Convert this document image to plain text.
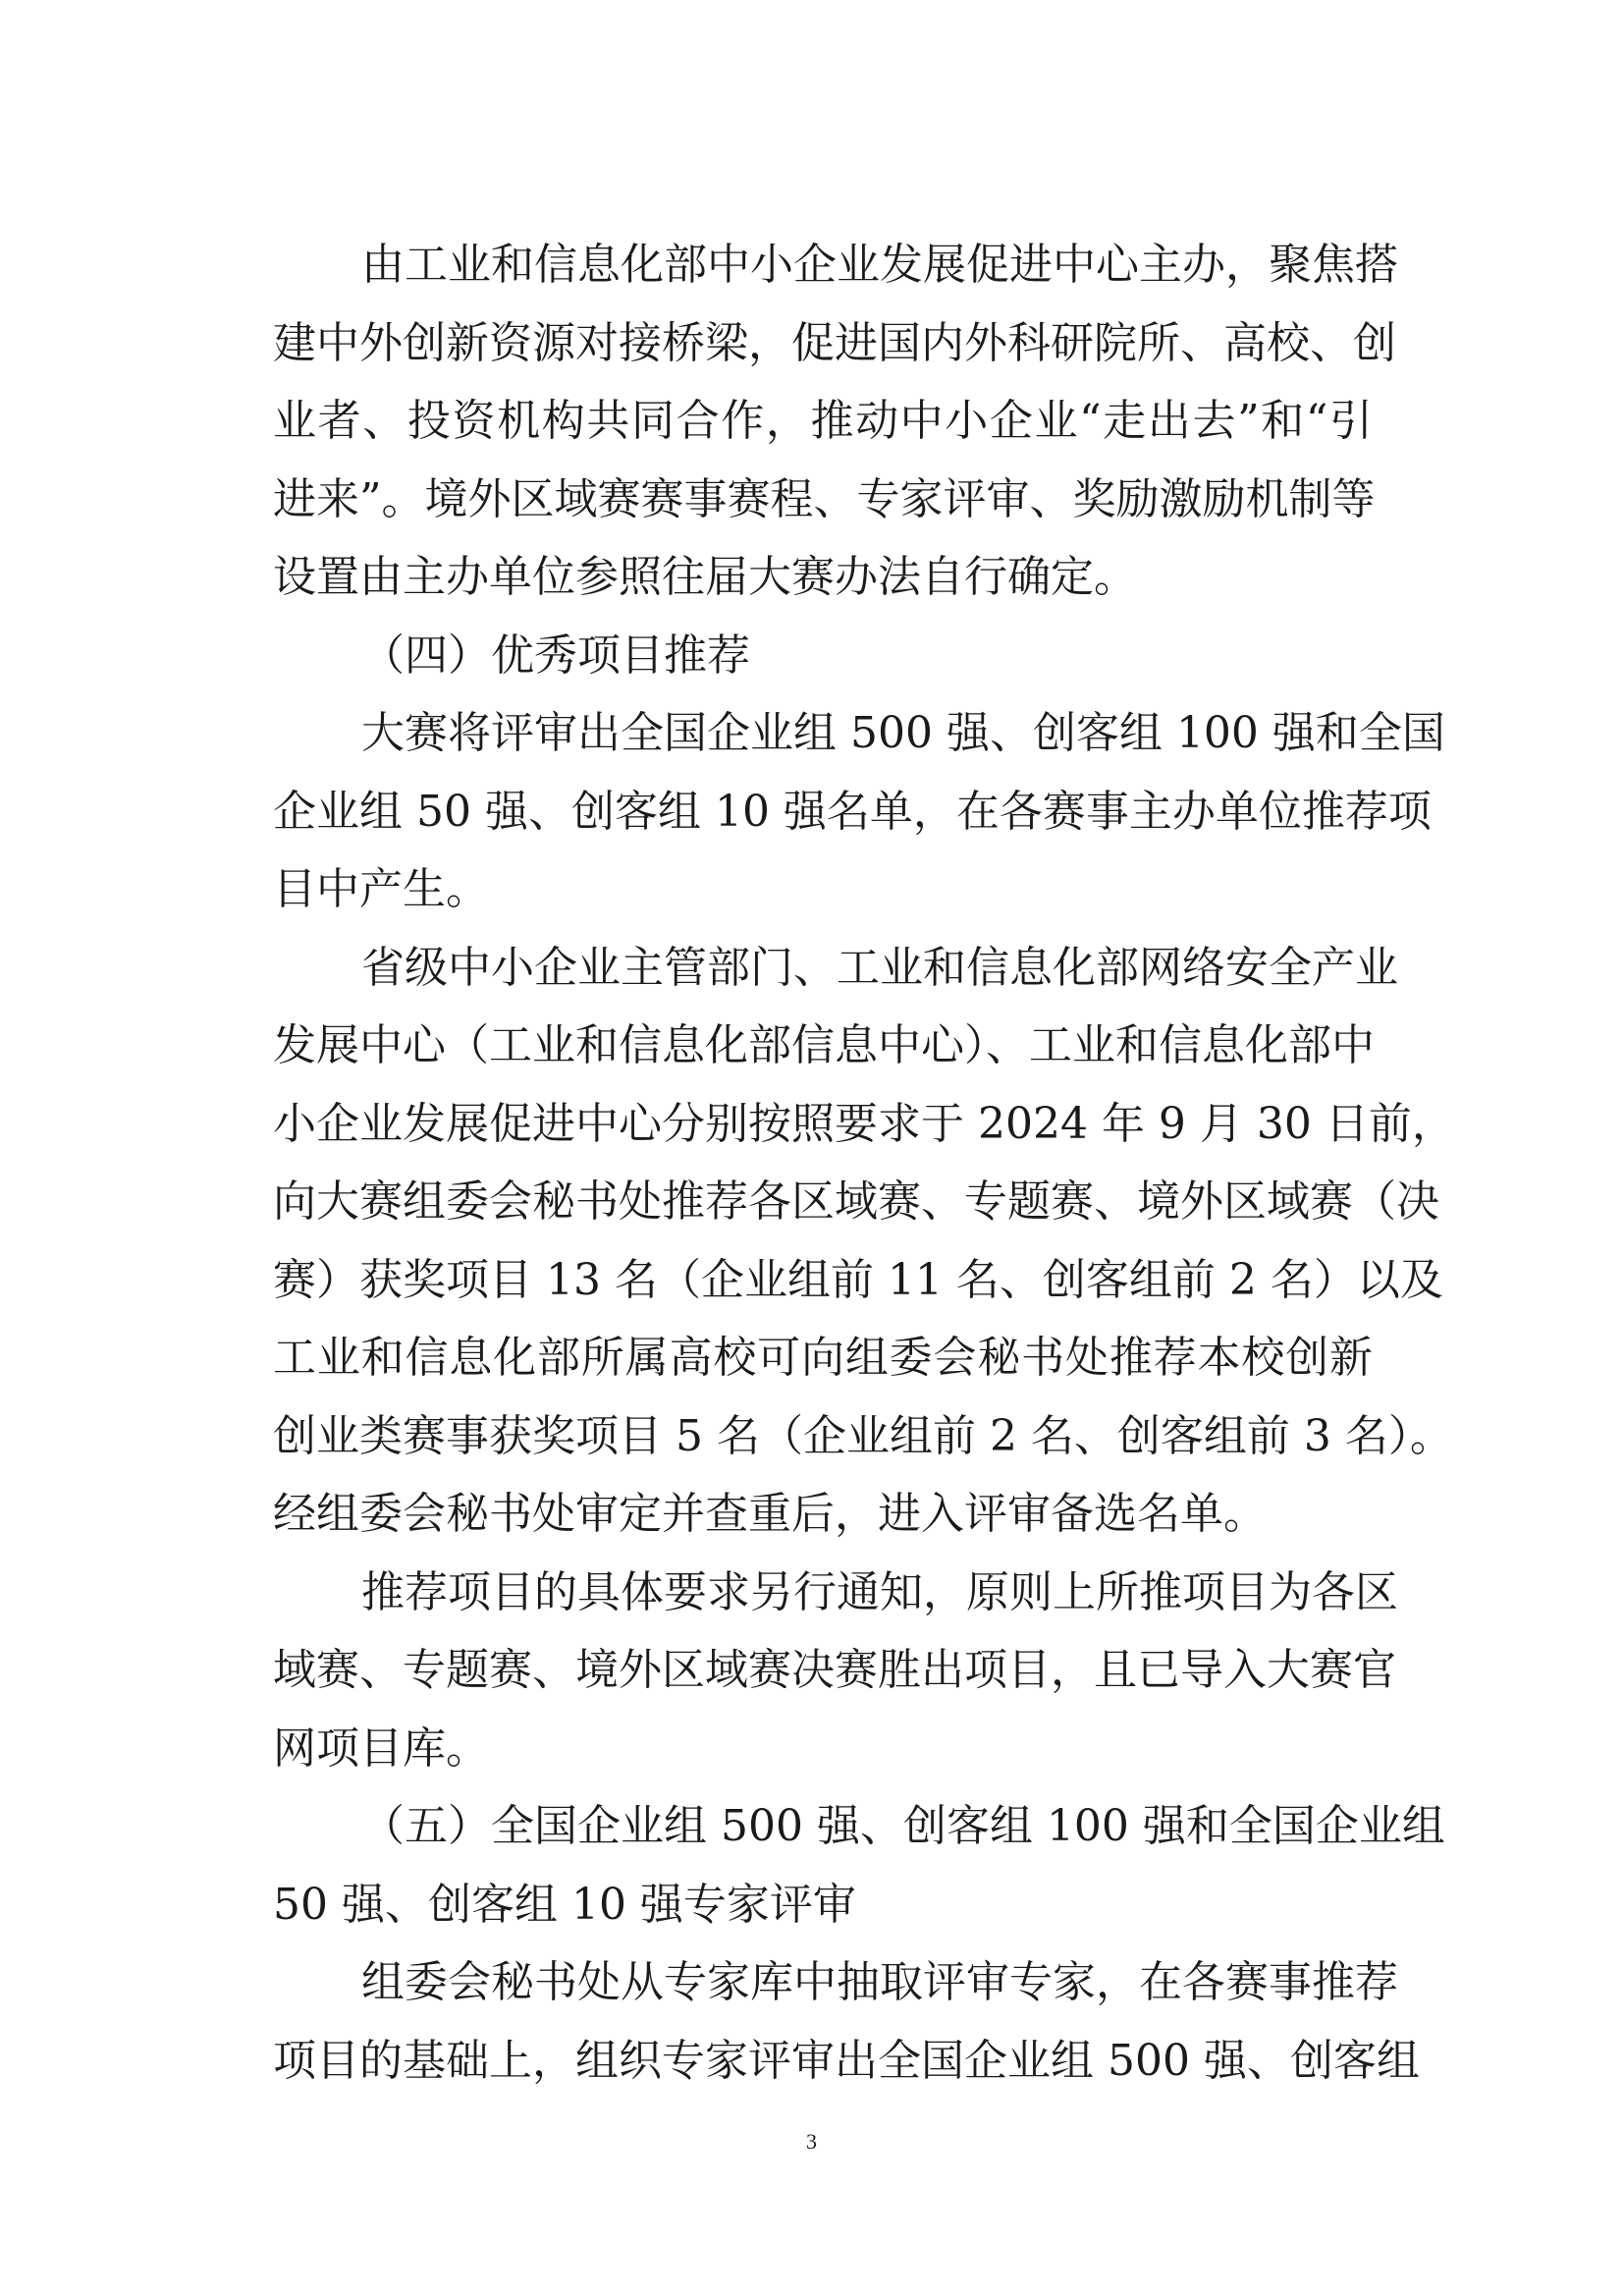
由工业和信息化部中小企业发展促进中心主办，聚焦搭
建中外创新资源对接桥梁，促进国内外科研院所、高校、创
业者、投资机构共同合作，推动中小企业“走出去”和“引
进来”。境外区域赛赛事赛程、专家评审、奖励激励机制等
设置由主办单位参照往届大赛办法自行确定。
（四）优秀项目推荐
大赛将评审出全国企业组 500 强、创客组 100 强和全国
企业组 50 强、创客组 10 强名单，在各赛事主办单位推荐项
目中产生。
省级中小企业主管部门、工业和信息化部网络安全产业
发展中心（工业和信息化部信息中心）、工业和信息化部中
小企业发展促进中心分别按照要求于 2024 年 9 月 30 日前，
向大赛组委会秘书处推荐各区域赛、专题赛、境外区域赛（决
赛）获奖项目 13 名（企业组前 11 名、创客组前 2 名）以及
工业和信息化部所属高校可向组委会秘书处推荐本校创新
创业类赛事获奖项目 5 名（企业组前 2 名、创客组前 3 名）。
经组委会秘书处审定并查重后，进入评审备选名单。
推荐项目的具体要求另行通知，原则上所推项目为各区
域赛、专题赛、境外区域赛决赛胜出项目，且已导入大赛官
网项目库。
（五）全国企业组 500 强、创客组 100 强和全国企业组
50 强、创客组 10 强专家评审
组委会秘书处从专家库中抽取评审专家，在各赛事推荐
项目的基础上，组织专家评审出全国企业组 500 强、创客组
3
